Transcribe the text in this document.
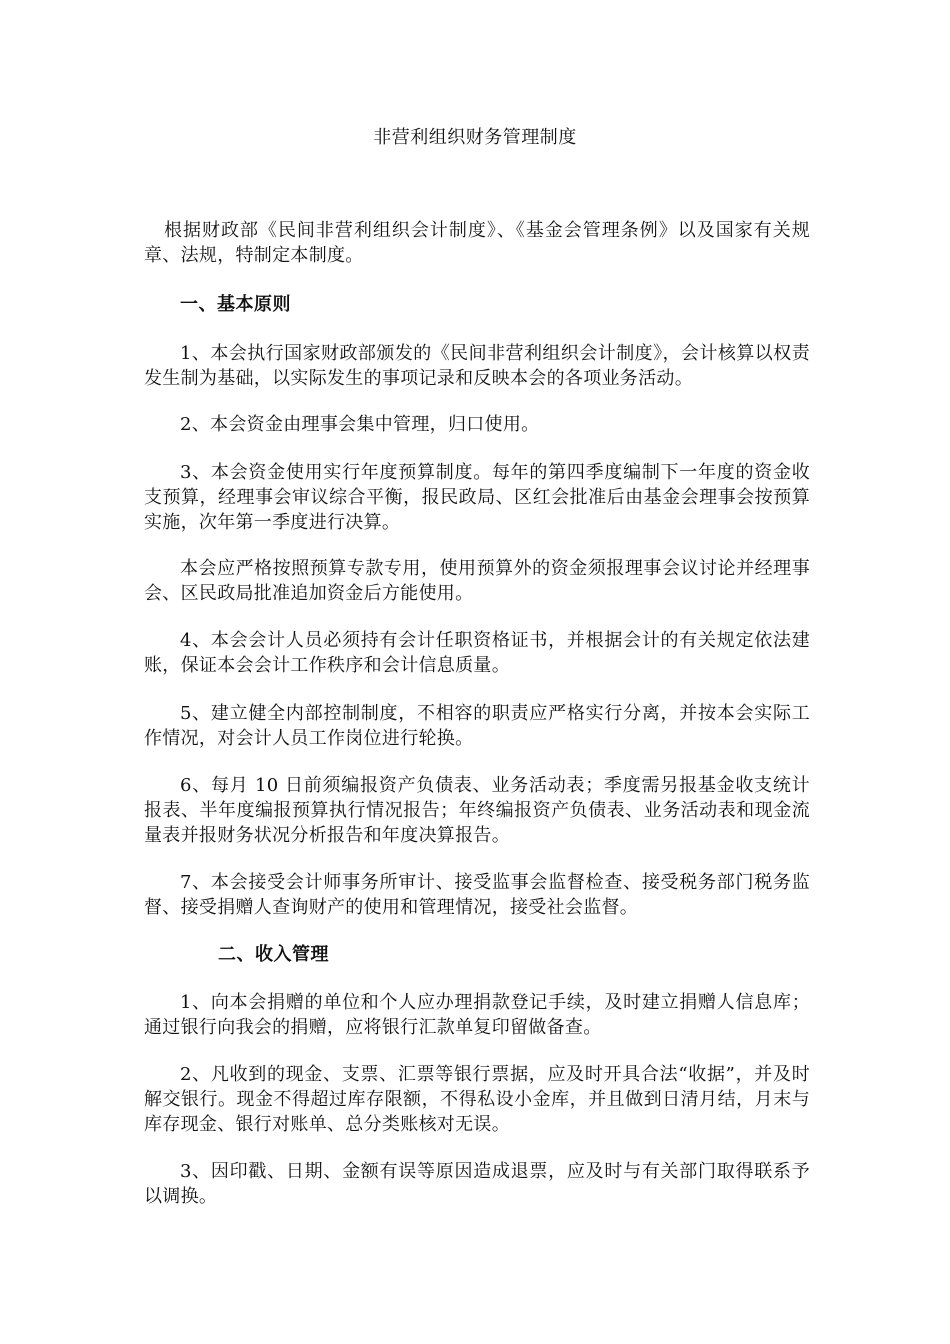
非营利组织财务管理制度
根据财政部《民间非营利组织会计制度》、《基金会管理条例》以及国家有关规章、法规，特制定本制度。
一、基本原则
1、本会执行国家财政部颁发的《民间非营利组织会计制度》，会计核算以权责发生制为基础，以实际发生的事项记录和反映本会的各项业务活动。
2、本会资金由理事会集中管理，归口使用。
3、本会资金使用实行年度预算制度。每年的第四季度编制下一年度的资金收支预算，经理事会审议综合平衡，报民政局、区红会批准后由基金会理事会按预算实施，次年第一季度进行决算。
本会应严格按照预算专款专用，使用预算外的资金须报理事会议讨论并经理事会、区民政局批准追加资金后方能使用。
4、本会会计人员必须持有会计任职资格证书，并根据会计的有关规定依法建账，保证本会会计工作秩序和会计信息质量。
5、建立健全内部控制制度，不相容的职责应严格实行分离，并按本会实际工作情况，对会计人员工作岗位进行轮换。
6、每月 10 日前须编报资产负债表、业务活动表；季度需另报基金收支统计报表、半年度编报预算执行情况报告；年终编报资产负债表、业务活动表和现金流量表并报财务状况分析报告和年度决算报告。
7、本会接受会计师事务所审计、接受监事会监督检查、接受税务部门税务监督、接受捐赠人查询财产的使用和管理情况，接受社会监督。
二、收入管理
1、向本会捐赠的单位和个人应办理捐款登记手续，及时建立捐赠人信息库；通过银行向我会的捐赠，应将银行汇款单复印留做备查。
2、凡收到的现金、支票、汇票等银行票据，应及时开具合法“收据”，并及时解交银行。现金不得超过库存限额，不得私设小金库，并且做到日清月结，月末与库存现金、银行对账单、总分类账核对无误。
3、因印戳、日期、金额有误等原因造成退票，应及时与有关部门取得联系予以调换。
